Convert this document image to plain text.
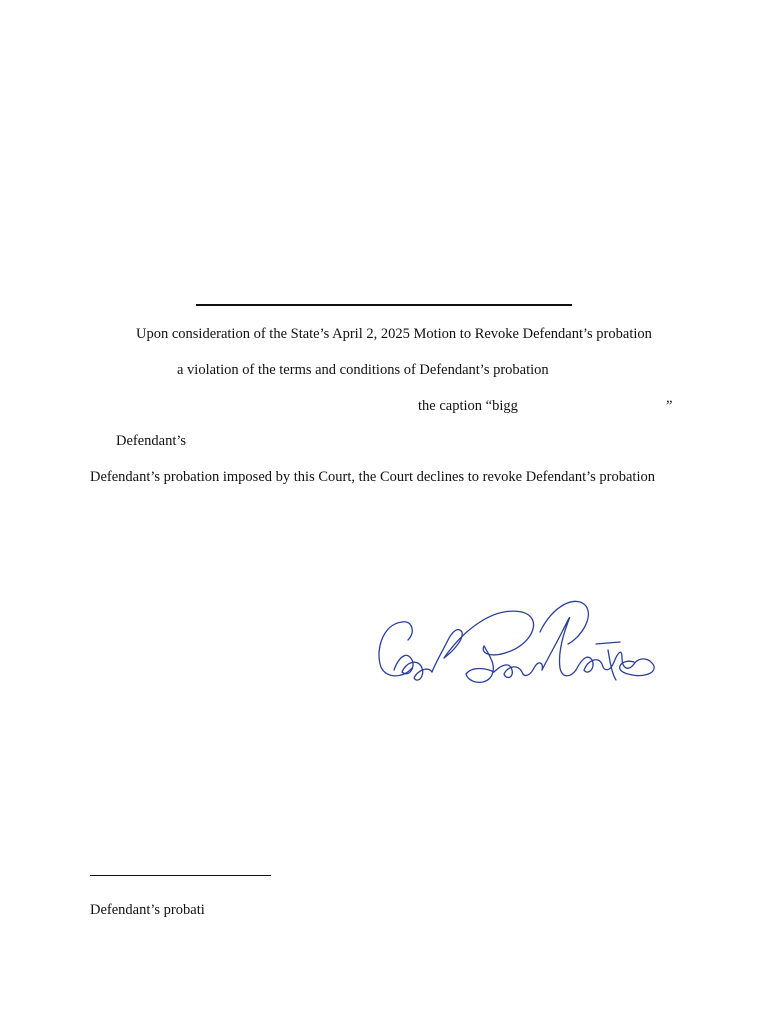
Upon consideration of the State’s April 2, 2025 Motion to Revoke Defendant’s probation
a violation of the terms and conditions of Defendant’s probation
the caption “bigg	”
Defendant’s
Defendant’s probation imposed by this Court, the Court declines to revoke Defendant’s probation
Defendant’s probati
